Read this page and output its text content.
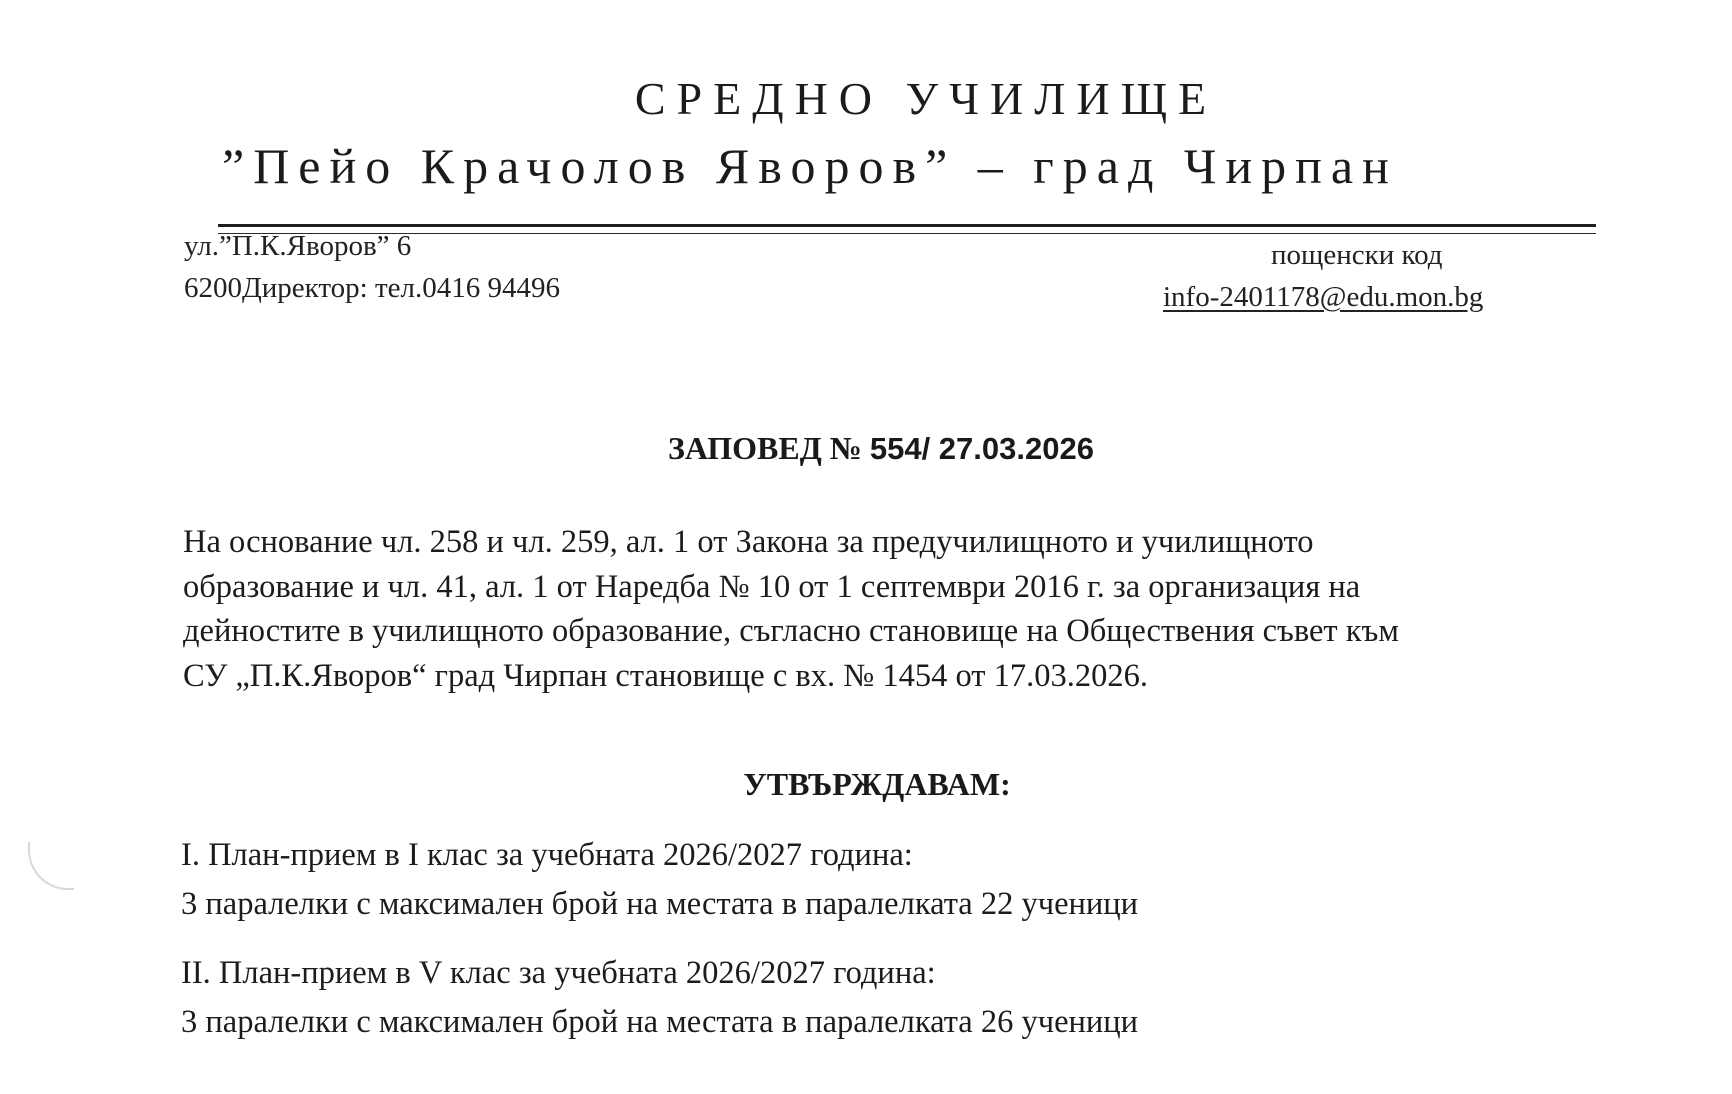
СРЕДНО УЧИЛИЩЕ
”Пейо Крачолов Яворов” – град Чирпан
ул.”П.К.Яворов” 6
6200Директор: тел.0416 94496
пощенски код
info-2401178@edu.mon.bg
ЗАПОВЕД № 554/ 27.03.2026

На основание чл. 258 и чл. 259, ал. 1 от Закона за предучилищното и училищното

образование и чл. 41, ал. 1 от Наредба № 10 от 1 септември 2016 г. за организация на

дейностите в училищното образование, съгласно становище на Обществения съвет към

СУ „П.К.Яворов“ град Чирпан становище с вх. № 1454 от 17.03.2026.

УТВЪРЖДАВАМ:
I. План-прием в I клас за учебната 2026/2027 година:
3 паралелки с максимален брой на местата в паралелката 22 ученици
II. План-прием в V клас за учебната 2026/2027 година:
3 паралелки с максимален брой на местата в паралелката 26 ученици
